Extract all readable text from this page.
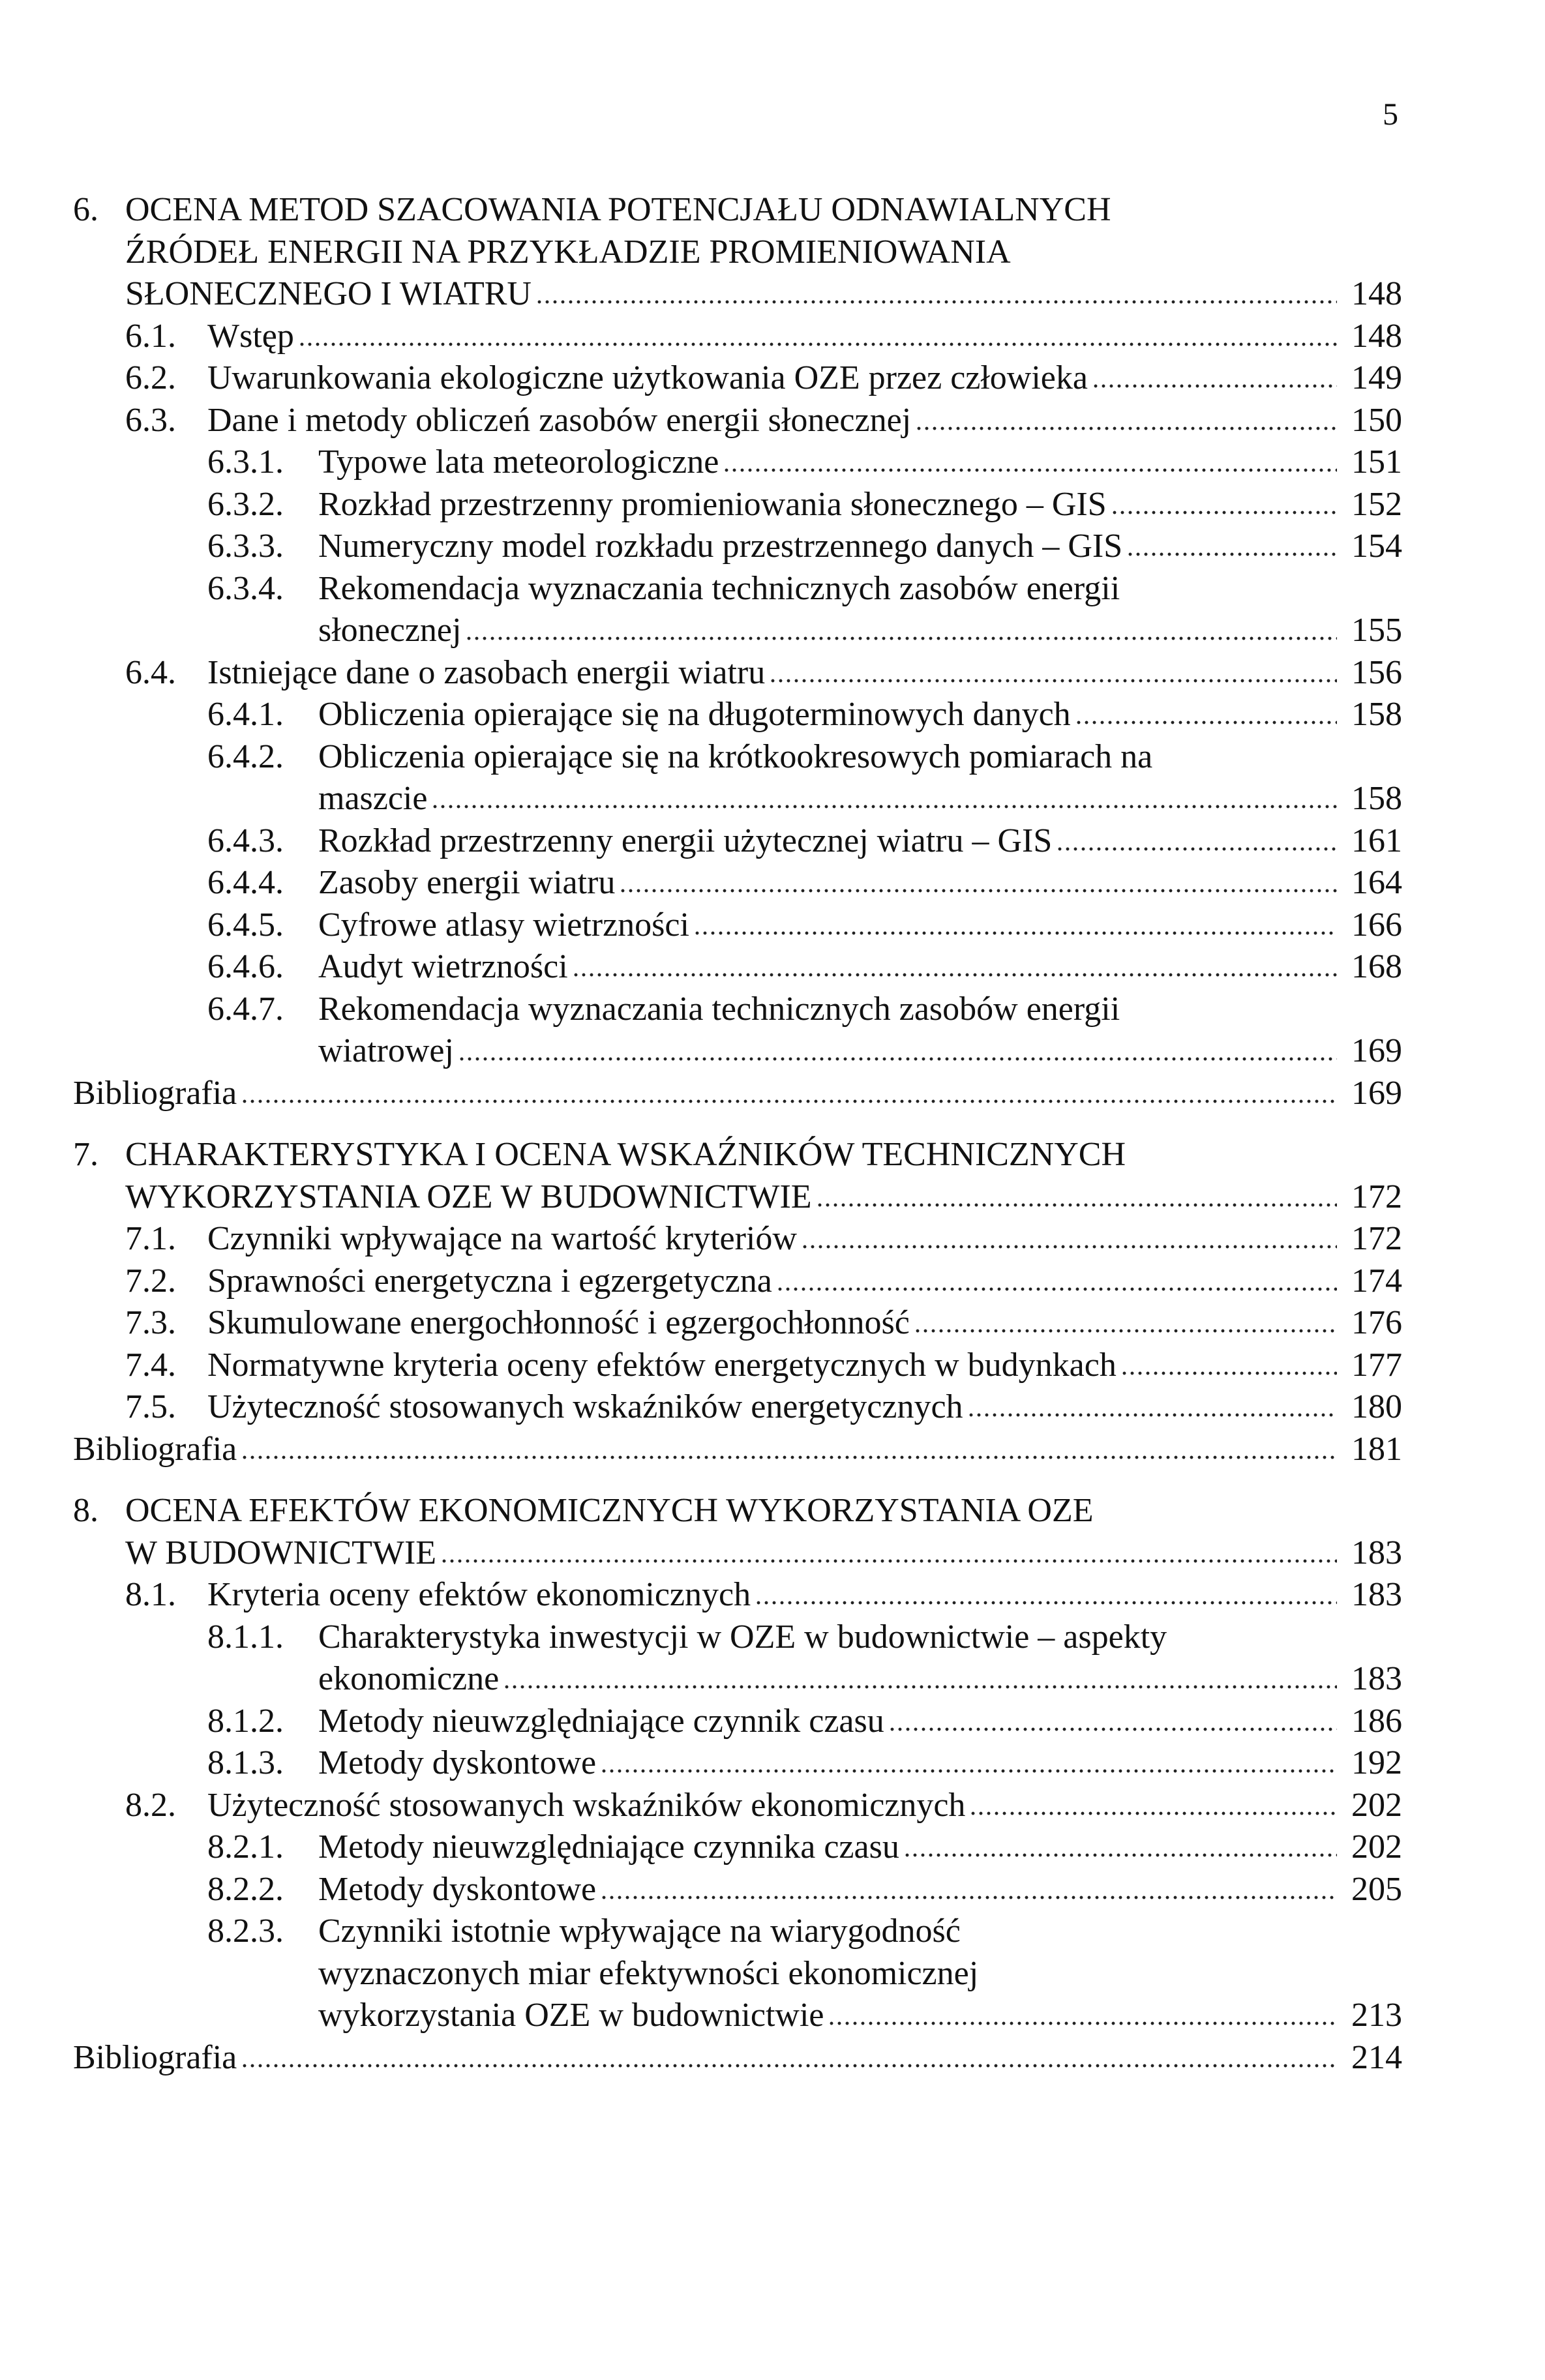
5
6. OCENA METOD SZACOWANIA POTENCJAŁU ODNAWIALNYCH
ŹRÓDEŁ ENERGII NA PRZYKŁADZIE PROMIENIOWANIA
SŁONECZNEGO I WIATRU	148
6.1. Wstęp	148
6.2. Uwarunkowania ekologiczne użytkowania OZE przez człowieka	149
6.3. Dane i metody obliczeń zasobów energii słonecznej	150
6.3.1.	Typowe lata meteorologiczne	151
6.3.2.	Rozkład przestrzenny promieniowania słonecznego – GIS	152
6.3.3.	Numeryczny model rozkładu przestrzennego danych – GIS	154
6.3.4.	Rekomendacja wyznaczania technicznych zasobów energii
słonecznej	155
6.4. Istniejące dane o zasobach energii wiatru	156
6.4.1.	Obliczenia opierające się na długoterminowych danych	158
6.4.2.	Obliczenia opierające się na krótkookresowych pomiarach na
maszcie	158
6.4.3.	Rozkład przestrzenny energii użytecznej wiatru – GIS	161
6.4.4.	Zasoby energii wiatru	164
6.4.5.	Cyfrowe atlasy wietrzności	166
6.4.6.	Audyt wietrzności	168
6.4.7.	Rekomendacja wyznaczania technicznych zasobów energii
wiatrowej	169
Bibliografia	169
7. CHARAKTERYSTYKA I OCENA WSKAŹNIKÓW TECHNICZNYCH
WYKORZYSTANIA OZE W BUDOWNICTWIE	172
7.1. Czynniki wpływające na wartość kryteriów	172
7.2. Sprawności energetyczna i egzergetyczna	174
7.3. Skumulowane energochłonność i egzergochłonność	176
7.4. Normatywne kryteria oceny efektów energetycznych w budynkach	177
7.5. Użyteczność stosowanych wskaźników energetycznych	180
Bibliografia	181
8. OCENA EFEKTÓW EKONOMICZNYCH WYKORZYSTANIA OZE
W BUDOWNICTWIE	183
8.1. Kryteria oceny efektów ekonomicznych	183
8.1.1.	Charakterystyka inwestycji w OZE w budownictwie – aspekty
ekonomiczne	183
8.1.2.	Metody nieuwzględniające czynnik czasu	186
8.1.3.	Metody dyskontowe	192
8.2. Użyteczność stosowanych wskaźników ekonomicznych	202
8.2.1.	Metody nieuwzględniające czynnika czasu	202
8.2.2.	Metody dyskontowe	205
8.2.3.	Czynniki istotnie wpływające na wiarygodność
wyznaczonych miar efektywności ekonomicznej
wykorzystania OZE w budownictwie	213
Bibliografia	214
